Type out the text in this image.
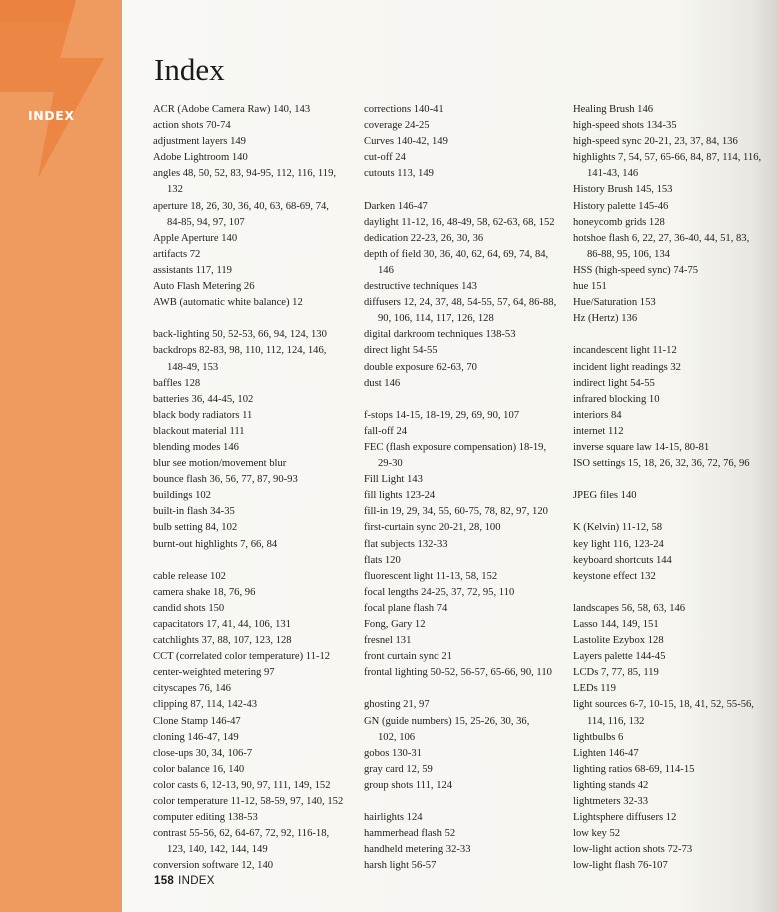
INDEX
Index
ACR (Adobe Camera Raw) 140, 143
action shots 70-74
adjustment layers 149
Adobe Lightroom 140
angles 48, 50, 52, 83, 94-95, 112, 116, 119,
132
aperture 18, 26, 30, 36, 40, 63, 68-69, 74,
84-85, 94, 97, 107
Apple Aperture 140
artifacts 72
assistants 117, 119
Auto Flash Metering 26
AWB (automatic white balance) 12
back-lighting 50, 52-53, 66, 94, 124, 130
backdrops 82-83, 98, 110, 112, 124, 146,
148-49, 153
baffles 128
batteries 36, 44-45, 102
black body radiators 11
blackout material 111
blending modes 146
blur see motion/movement blur
bounce flash 36, 56, 77, 87, 90-93
buildings 102
built-in flash 34-35
bulb setting 84, 102
burnt-out highlights 7, 66, 84
cable release 102
camera shake 18, 76, 96
candid shots 150
capacitators 17, 41, 44, 106, 131
catchlights 37, 88, 107, 123, 128
CCT (correlated color temperature) 11-12
center-weighted metering 97
cityscapes 76, 146
clipping 87, 114, 142-43
Clone Stamp 146-47
cloning 146-47, 149
close-ups 30, 34, 106-7
color balance 16, 140
color casts 6, 12-13, 90, 97, 111, 149, 152
color temperature 11-12, 58-59, 97, 140, 152
computer editing 138-53
contrast 55-56, 62, 64-67, 72, 92, 116-18,
123, 140, 142, 144, 149
conversion software 12, 140
corrections 140-41
coverage 24-25
Curves 140-42, 149
cut-off 24
cutouts 113, 149
Darken 146-47
daylight 11-12, 16, 48-49, 58, 62-63, 68, 152
dedication 22-23, 26, 30, 36
depth of field 30, 36, 40, 62, 64, 69, 74, 84,
146
destructive techniques 143
diffusers 12, 24, 37, 48, 54-55, 57, 64, 86-88,
90, 106, 114, 117, 126, 128
digital darkroom techniques 138-53
direct light 54-55
double exposure 62-63, 70
dust 146
f-stops 14-15, 18-19, 29, 69, 90, 107
fall-off 24
FEC (flash exposure compensation) 18-19,
29-30
Fill Light 143
fill lights 123-24
fill-in 19, 29, 34, 55, 60-75, 78, 82, 97, 120
first-curtain sync 20-21, 28, 100
flat subjects 132-33
flats 120
fluorescent light 11-13, 58, 152
focal lengths 24-25, 37, 72, 95, 110
focal plane flash 74
Fong, Gary 12
fresnel 131
front curtain sync 21
frontal lighting 50-52, 56-57, 65-66, 90, 110
ghosting 21, 97
GN (guide numbers) 15, 25-26, 30, 36,
102, 106
gobos 130-31
gray card 12, 59
group shots 111, 124
hairlights 124
hammerhead flash 52
handheld metering 32-33
harsh light 56-57
Healing Brush 146
high-speed shots 134-35
high-speed sync 20-21, 23, 37, 84, 136
highlights 7, 54, 57, 65-66, 84, 87, 114, 116,
141-43, 146
History Brush 145, 153
History palette 145-46
honeycomb grids 128
hotshoe flash 6, 22, 27, 36-40, 44, 51, 83,
86-88, 95, 106, 134
HSS (high-speed sync) 74-75
hue 151
Hue/Saturation 153
Hz (Hertz) 136
incandescent light 11-12
incident light readings 32
indirect light 54-55
infrared blocking 10
interiors 84
internet 112
inverse square law 14-15, 80-81
ISO settings 15, 18, 26, 32, 36, 72, 76, 96
JPEG files 140
K (Kelvin) 11-12, 58
key light 116, 123-24
keyboard shortcuts 144
keystone effect 132
landscapes 56, 58, 63, 146
Lasso 144, 149, 151
Lastolite Ezybox 128
Layers palette 144-45
LCDs 7, 77, 85, 119
LEDs 119
light sources 6-7, 10-15, 18, 41, 52, 55-56,
114, 116, 132
lightbulbs 6
Lighten 146-47
lighting ratios 68-69, 114-15
lighting stands 42
lightmeters 32-33
Lightsphere diffusers 12
low key 52
low-light action shots 72-73
low-light flash 76-107
158 INDEX
